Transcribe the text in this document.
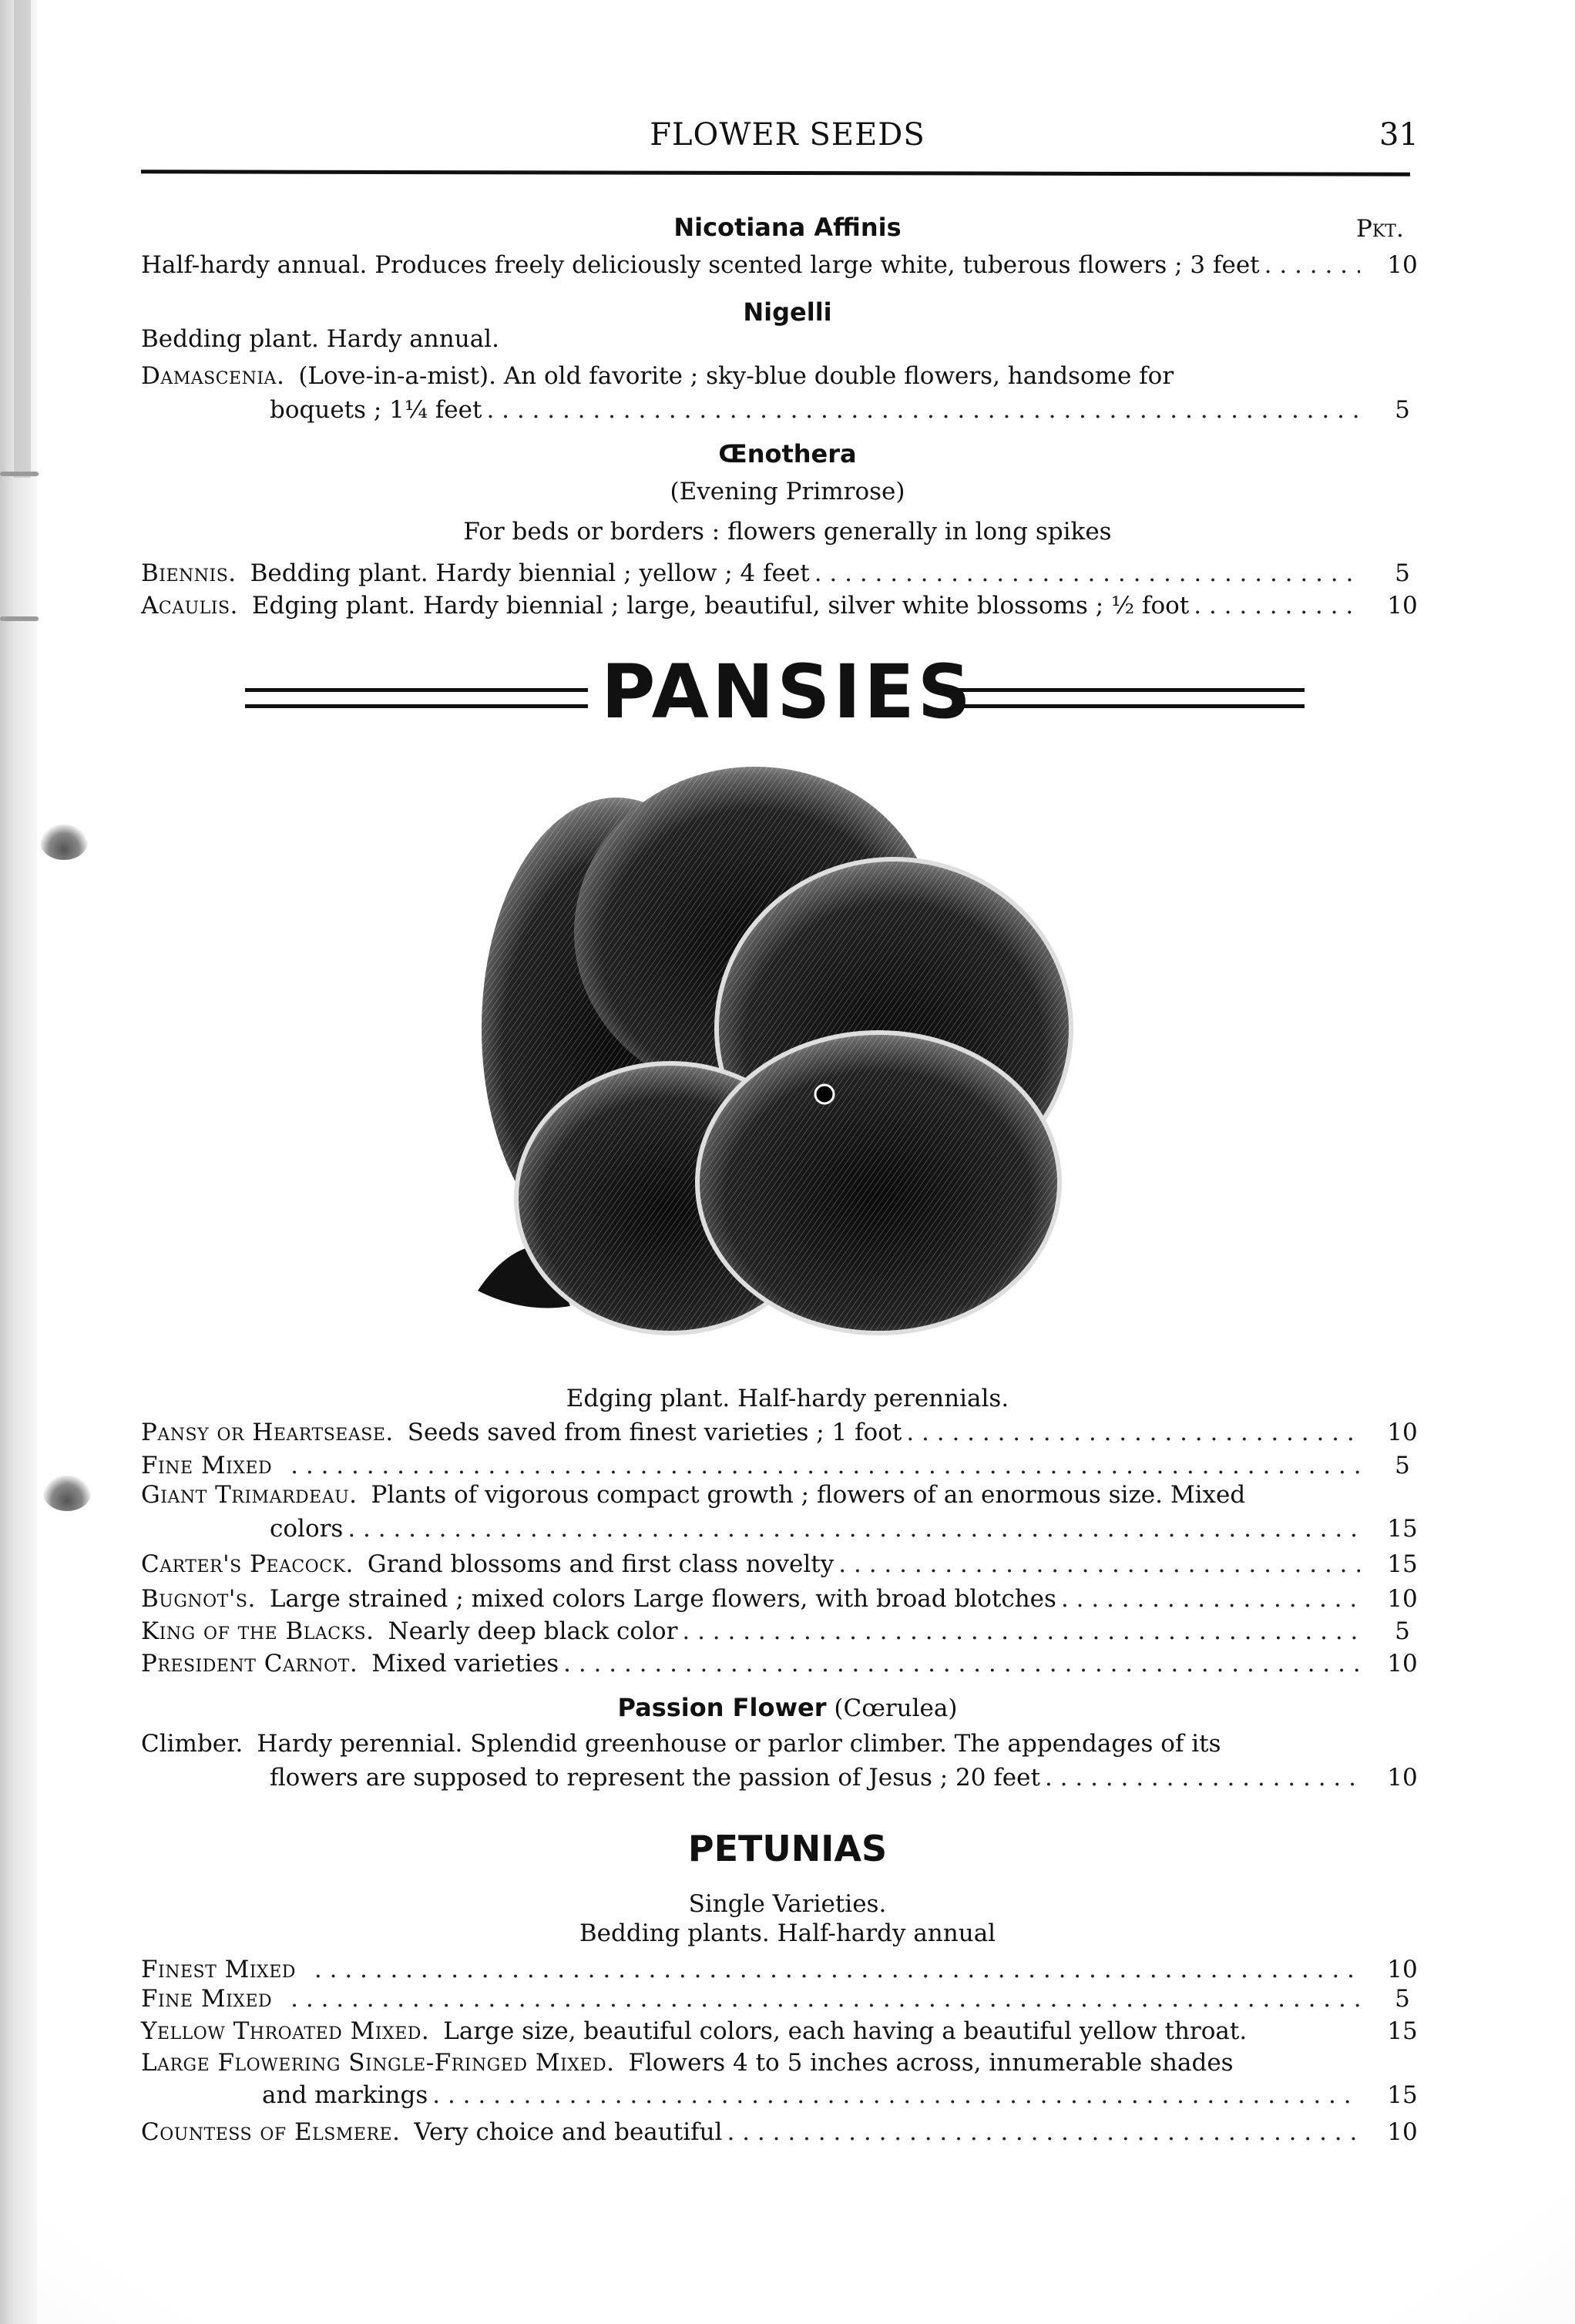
FLOWER SEEDS	31
Nicotiana Affinis	Pkt.
Half-hardy annual. Produces freely deliciously scented large white, tuberous flowers ; 3 feet . . .	10
Nigelli
Bedding plant. Hardy annual.
Damascenia. (Love-in-a-mist). An old favorite ; sky-blue double flowers, handsome for
boquets ; 1¼ feet . . .	5
Œnothera
(Evening Primrose)
For beds or borders : flowers generally in long spikes
Biennis. Bedding plant. Hardy biennial ; yellow ; 4 feet . . .	5
Acaulis. Edging plant. Hardy biennial ; large, beautiful, silver white blossoms ; ½ foot . . .	10
PANSIES
Edging plant. Half-hardy perennials.
Pansy or Heartsease. Seeds saved from finest varieties ; 1 foot . . .	10
Fine Mixed . . .	5
Giant Trimardeau. Plants of vigorous compact growth ; flowers of an enormous size. Mixed
colors . . .	15
Carter's Peacock. Grand blossoms and first class novelty . . .	15
Bugnot's. Large strained ; mixed colors Large flowers, with broad blotches . . .	10
King of the Blacks. Nearly deep black color . . .	5
President Carnot. Mixed varieties . . .	10
Passion Flower (Cœrulea)
Climber. Hardy perennial. Splendid greenhouse or parlor climber. The appendages of its
flowers are supposed to represent the passion of Jesus ; 20 feet . . .	10
PETUNIAS
Single Varieties.
Bedding plants. Half-hardy annual
Finest Mixed . . .	10
Fine Mixed . . .	5
Yellow Throated Mixed. Large size, beautiful colors, each having a beautiful yellow throat.	15
Large Flowering Single-Fringed Mixed. Flowers 4 to 5 inches across, innumerable shades
and markings . . .	15
Countess of Elsmere. Very choice and beautiful . . .	10
